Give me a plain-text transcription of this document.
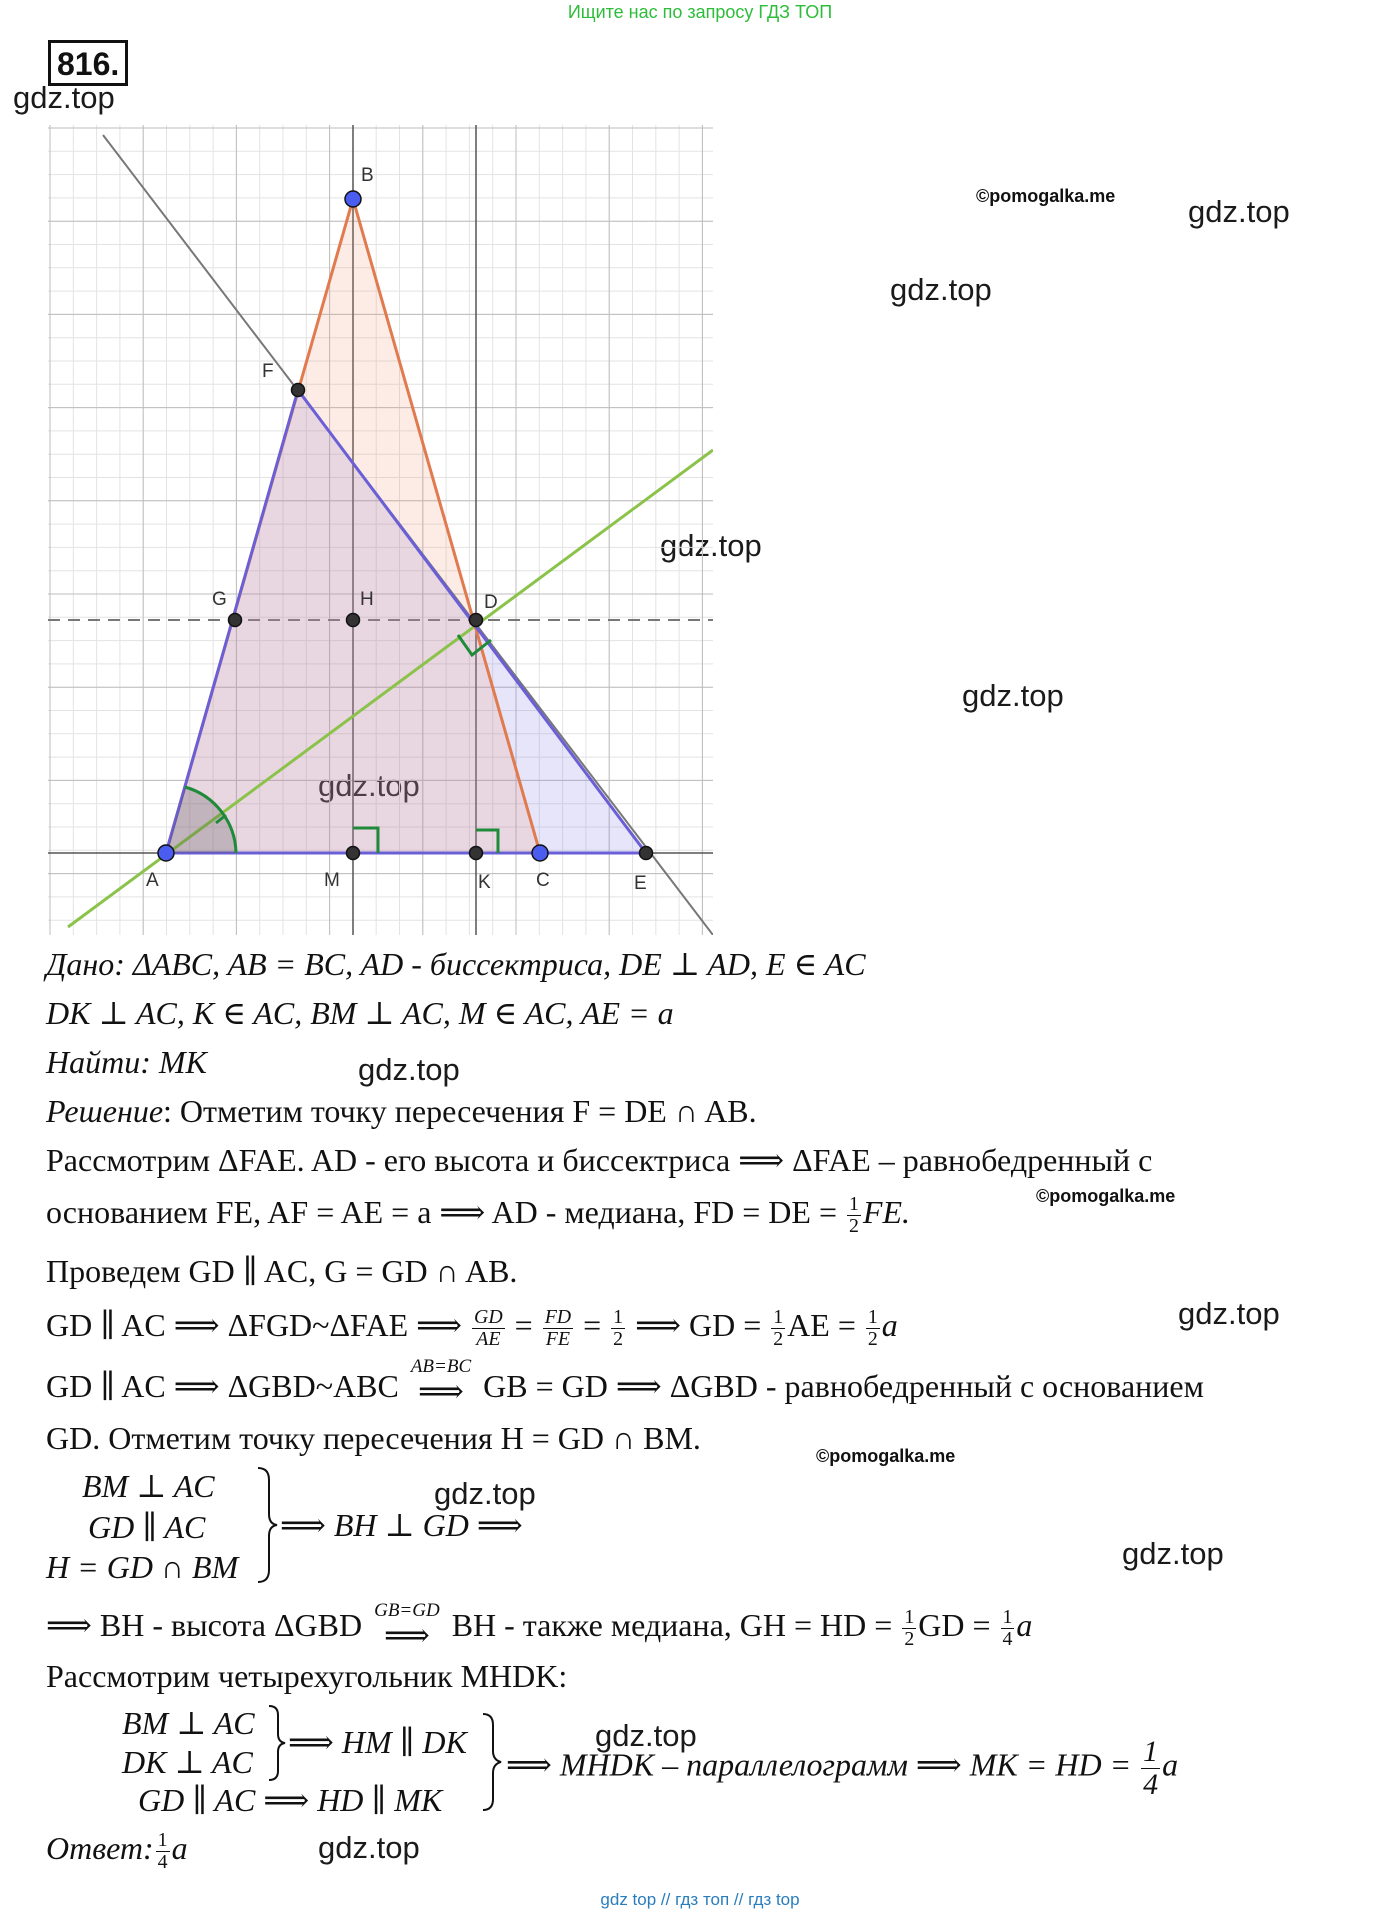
Ищите нас по запросу ГДЗ ТОП
816.
gdz.top
gdz.top
gdz.top
gdz.top
gdz.top
gdz.top
gdz.top
gdz.top
gdz.top
gdz.top
gdz.top
©pomogalka.me
©pomogalka.me
©pomogalka.me
A
B
C
D
E
F
G	H
K
M
Дано: ΔABC, AB = BC, AD - биссектриса, DE ⊥ AD, E ∈ AC
DK ⊥ AC, K ∈ AC, BM ⊥ AC, M ∈ AC, AE = a
Найти: MK
Решение: Отметим точку пересечения F = DE ∩ AB.
Рассмотрим ΔFAE. AD - его высота и биссектриса ⟹ ΔFAE – равнобедренный с
основанием FE, AF = AE = a ⟹ AD - медиана, FD = DE = $\frac{1}{2}$ FE.
Проведем GD ∥ AC, G = GD ∩ AB.
GD ∥ AC ⟹ ΔFGD~ΔFAE ⟹ $\frac{GD}{AE} = \frac{FD}{FE} = \frac{1}{2}$ ⟹ GD = $\frac{1}{2}$ AE = $\frac{1}{2}$ a
GD ∥ AC ⟹ ΔGBD~ABC
AB=BC
⟹ GB = GD ⟹ ΔGBD - равнобедренный с основанием
GD. Отметим точку пересечения H = GD ∩ BM.
BM ⊥ AC
GD ∥ AC
H = GD ∩ BM
⟹ BH ⊥ GD ⟹
⟹ BH - высота ΔGBD GB=GD
⟹ BH - также медиана, GH = HD = $\frac{1}{2}$ GD = $\frac{1}{4}$ a
Рассмотрим четырехугольник MHDK:
BM ⊥ AC
DK ⊥ AC
GD ∥ AC ⟹ HD ∥ MK
⟹ HM ∥ DK
⟹ MHDK – параллелограмм ⟹ MK = HD = $\frac{1}{4}$ a
Ответ: $\frac{1}{4}$ a
gdz top // гдз топ // гдз top
